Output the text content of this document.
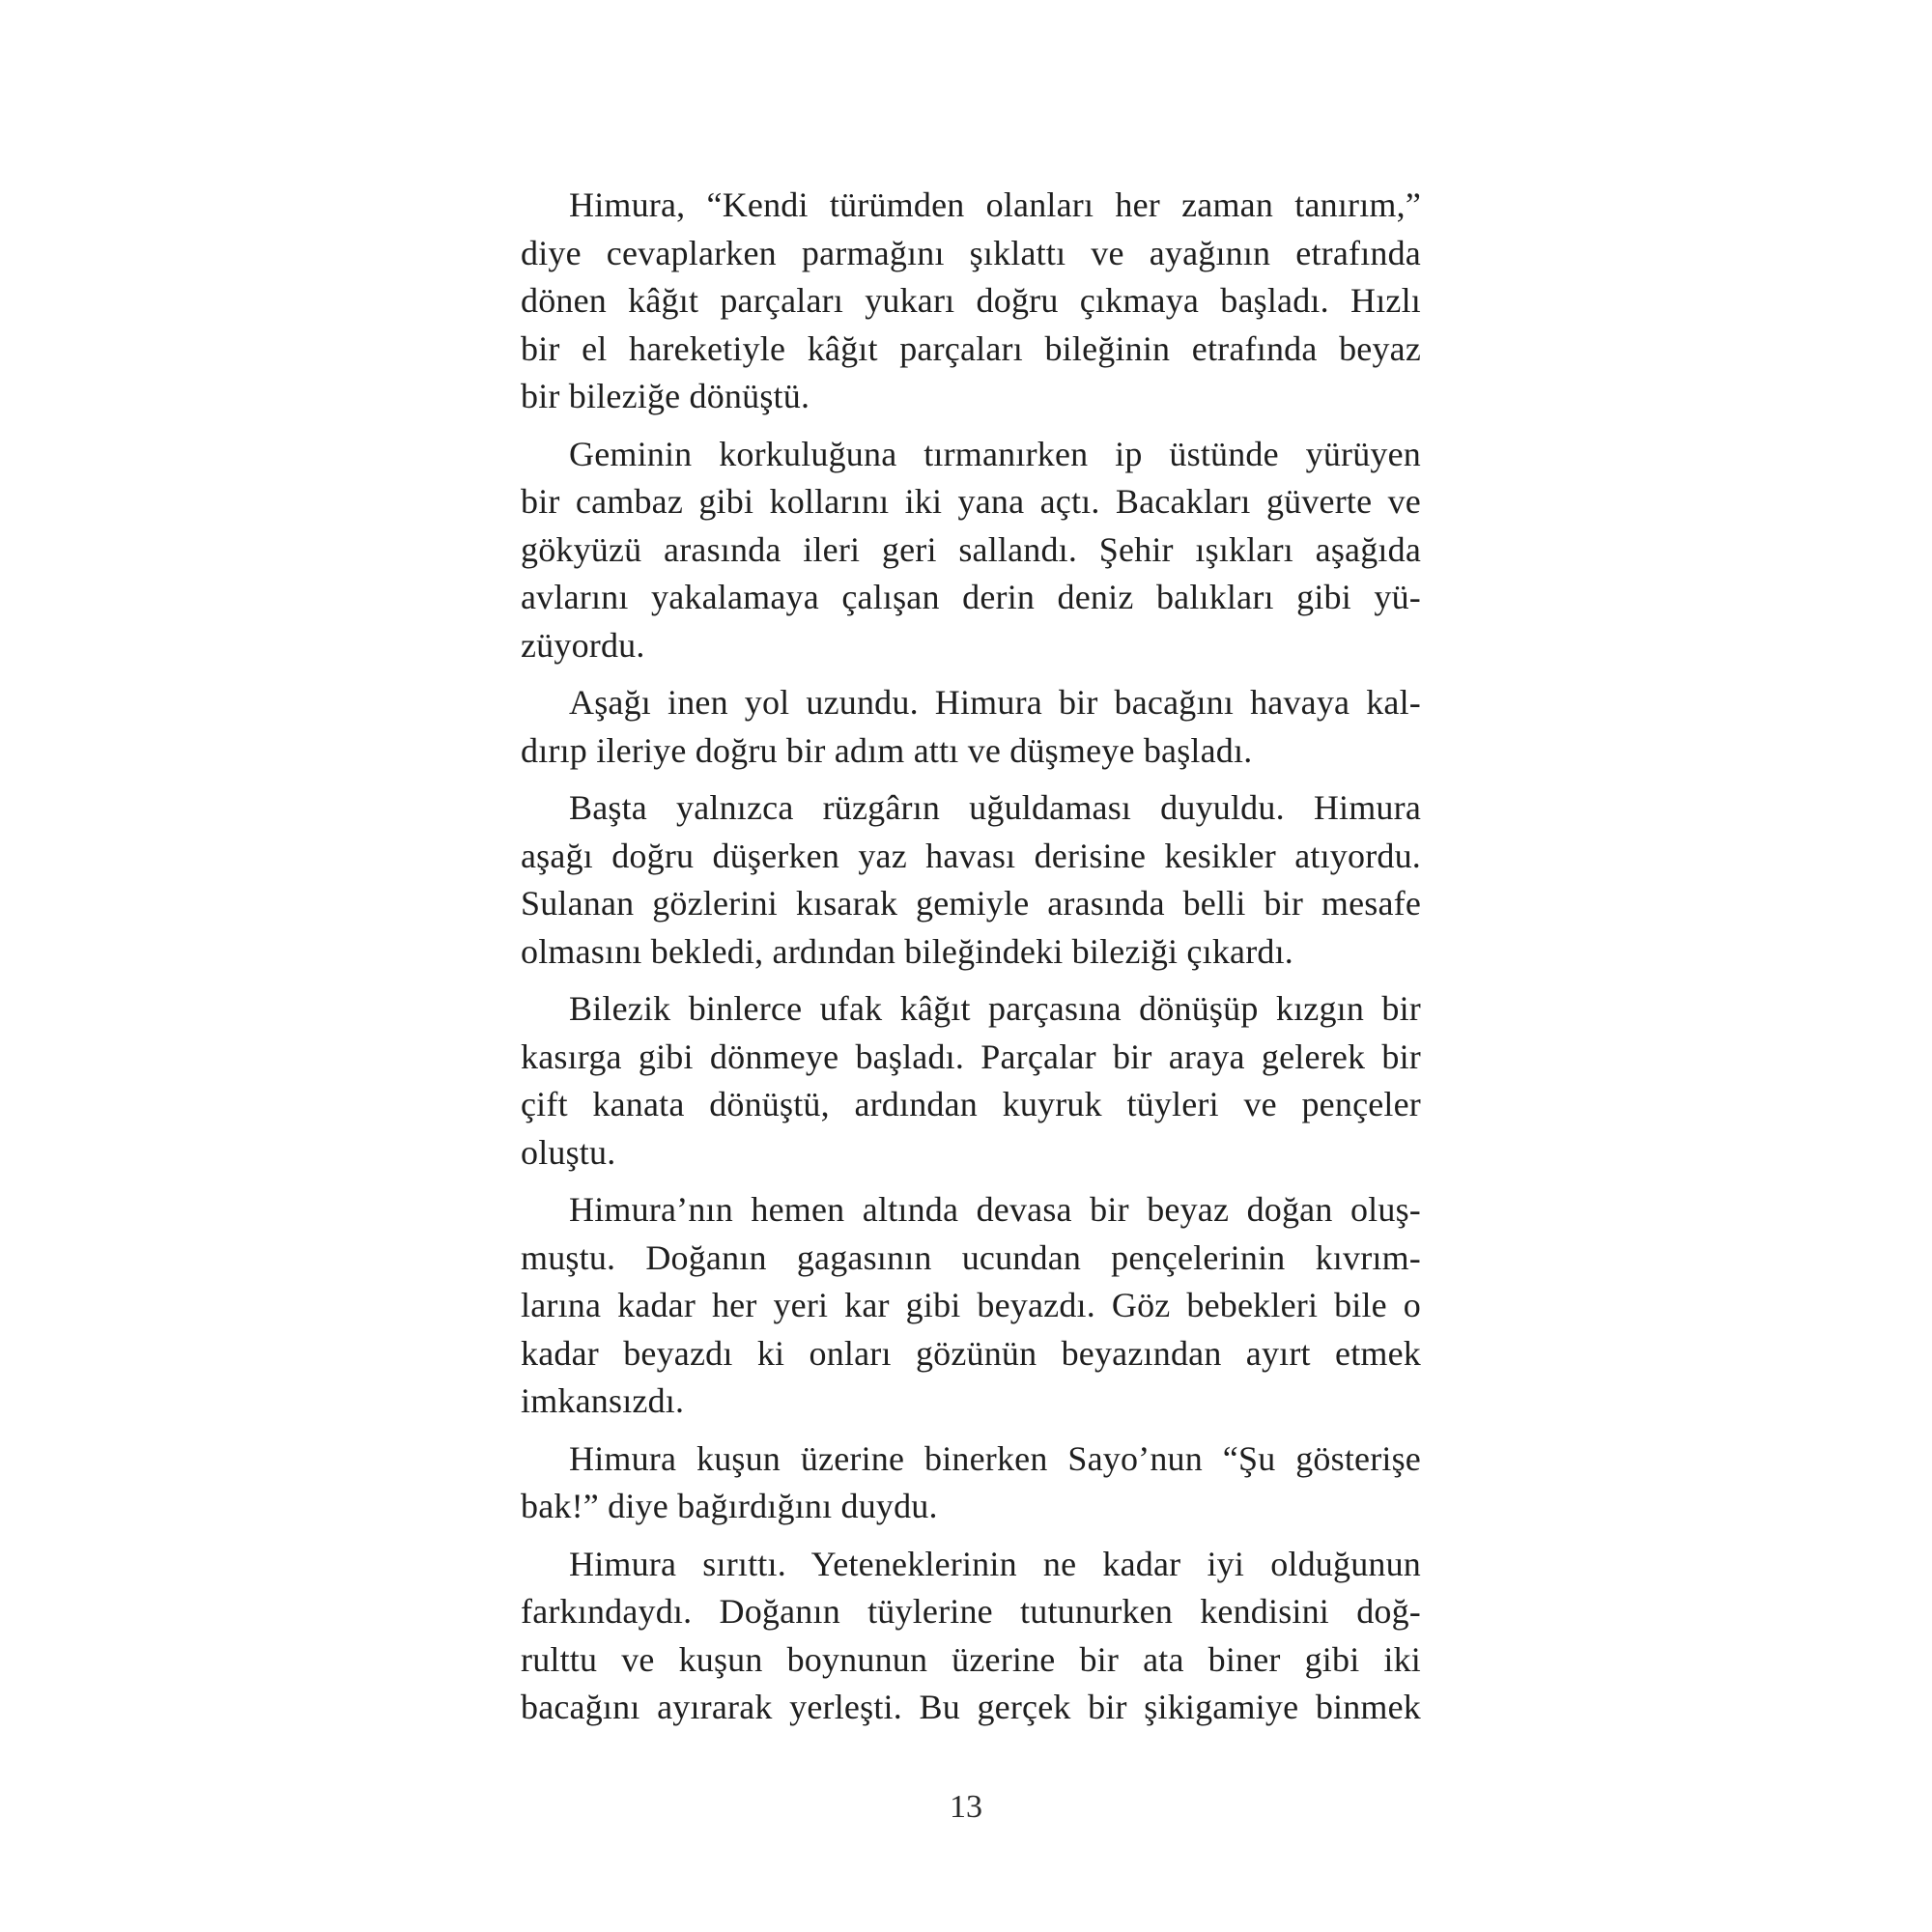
Himura, “Kendi türümden olanları her zaman tanırım,”
diye cevaplarken parmağını şıklattı ve ayağının etrafında
dönen kâğıt parçaları yukarı doğru çıkmaya başladı. Hızlı
bir el hareketiyle kâğıt parçaları bileğinin etrafında beyaz
bir bileziğe dönüştü.

Geminin korkuluğuna tırmanırken ip üstünde yürüyen
bir cambaz gibi kollarını iki yana açtı. Bacakları güverte ve
gökyüzü arasında ileri geri sallandı. Şehir ışıkları aşağıda
avlarını yakalamaya çalışan derin deniz balıkları gibi yü-
züyordu.

Aşağı inen yol uzundu. Himura bir bacağını havaya kal-
dırıp ileriye doğru bir adım attı ve düşmeye başladı.

Başta yalnızca rüzgârın uğuldaması duyuldu. Himura
aşağı doğru düşerken yaz havası derisine kesikler atıyordu.
Sulanan gözlerini kısarak gemiyle arasında belli bir mesafe
olmasını bekledi, ardından bileğindeki bileziği çıkardı.

Bilezik binlerce ufak kâğıt parçasına dönüşüp kızgın bir
kasırga gibi dönmeye başladı. Parçalar bir araya gelerek bir
çift kanata dönüştü, ardından kuyruk tüyleri ve pençeler
oluştu.

Himura’nın hemen altında devasa bir beyaz doğan oluş-
muştu. Doğanın gagasının ucundan pençelerinin kıvrım-
larına kadar her yeri kar gibi beyazdı. Göz bebekleri bile o
kadar beyazdı ki onları gözünün beyazından ayırt etmek
imkansızdı.

Himura kuşun üzerine binerken Sayo’nun “Şu gösterişe
bak!” diye bağırdığını duydu.

Himura sırıttı. Yeteneklerinin ne kadar iyi olduğunun
farkındaydı. Doğanın tüylerine tutunurken kendisini doğ-
rulttu ve kuşun boynunun üzerine bir ata biner gibi iki
bacağını ayırarak yerleşti. Bu gerçek bir şikigamiye binmek

13
